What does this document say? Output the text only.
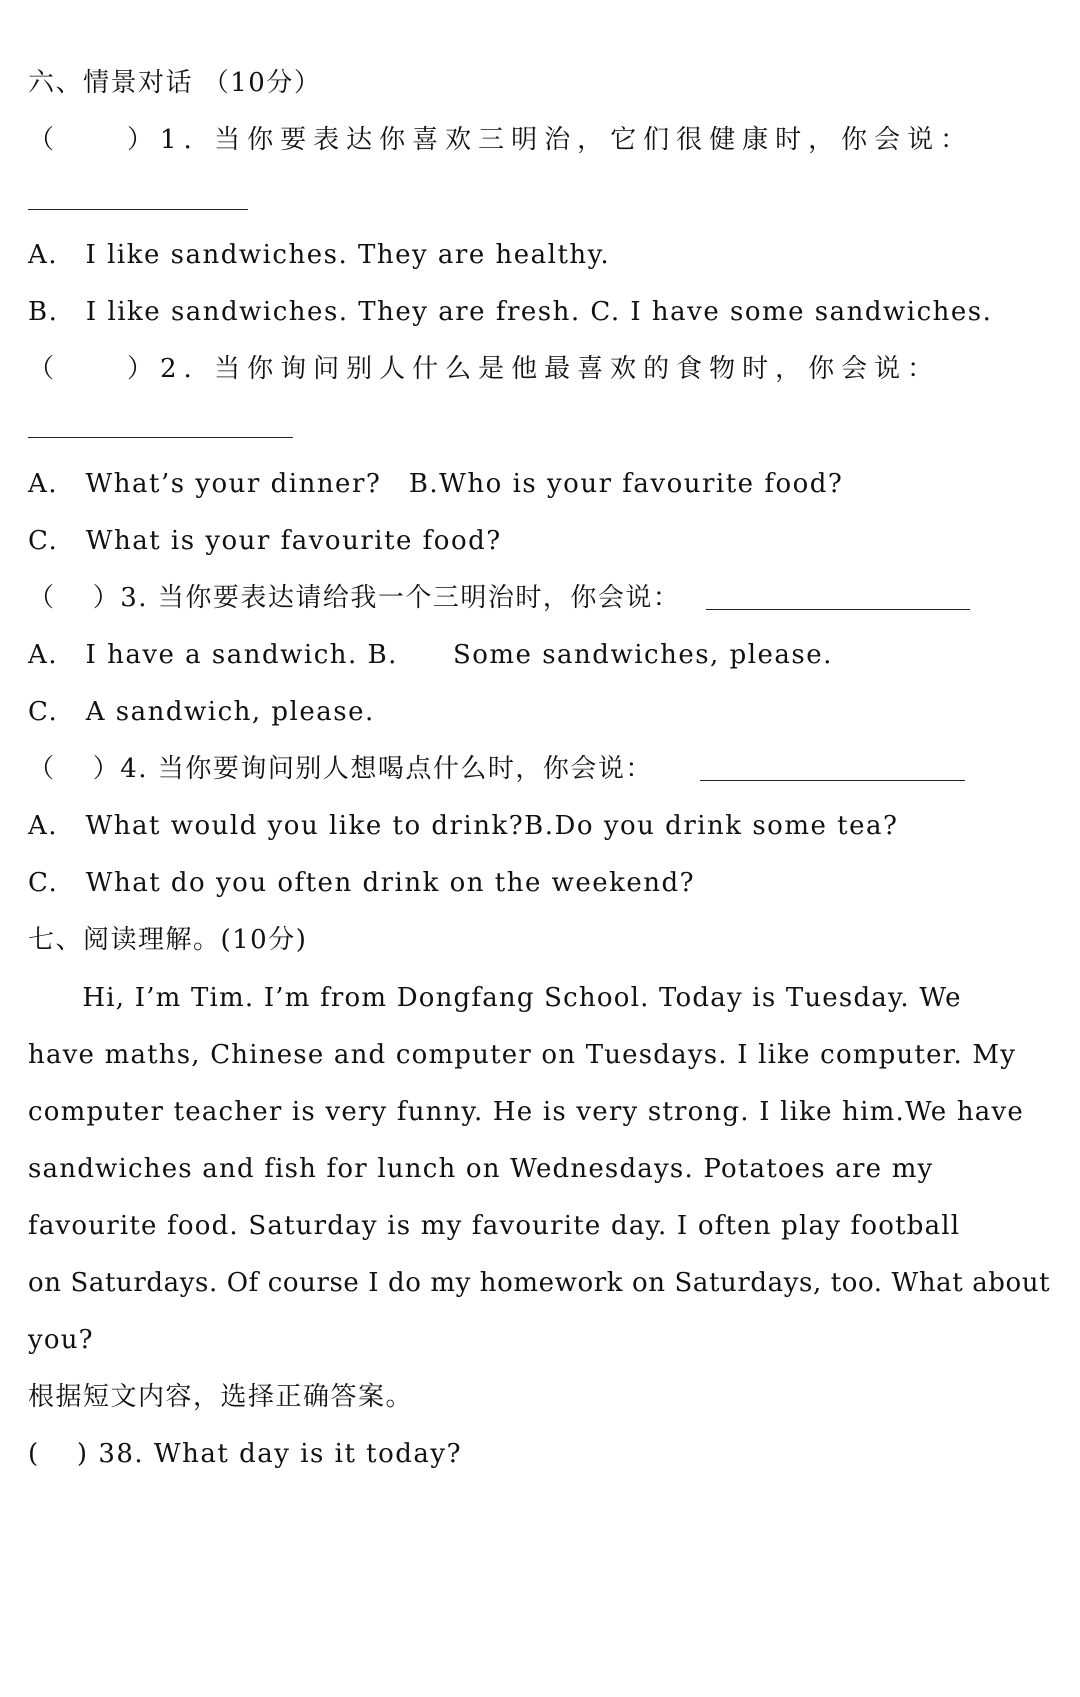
六、情景对话 （10分）
（　　）1. 当你要表达你喜欢三明治，它们很健康时，你会说：
A.　I like sandwiches. They are healthy.
B.　I like sandwiches. They are fresh. C. I have some sandwiches.
（　　）2. 当你询问别人什么是他最喜欢的食物时，你会说：
A.　What’s your dinner?　B.Who is your favourite food?
C.　What is your favourite food?
（　 ）3. 当你要表达请给我一个三明治时，你会说：
A.　I have a sandwich. B.　　Some sandwiches, please.
C.　A sandwich, please.
（　 ）4. 当你要询问别人想喝点什么时，你会说：
A.　What would you like to drink?B.Do you drink some tea?
C.　What do you often drink on the weekend?
七、阅读理解。(10分)
　　Hi, I’m Tim. I’m from Dongfang School. Today is Tuesday. We
have maths, Chinese and computer on Tuesdays. I like computer. My
computer teacher is very funny. He is very strong. I like him.We have
sandwiches and fish for lunch on Wednesdays. Potatoes are my
favourite food. Saturday is my favourite day. I often play football
on Saturdays. Of course I do my homework on Saturdays, too. What about
you?
根据短文内容，选择正确答案。
(　 ) 38. What day is it today?
